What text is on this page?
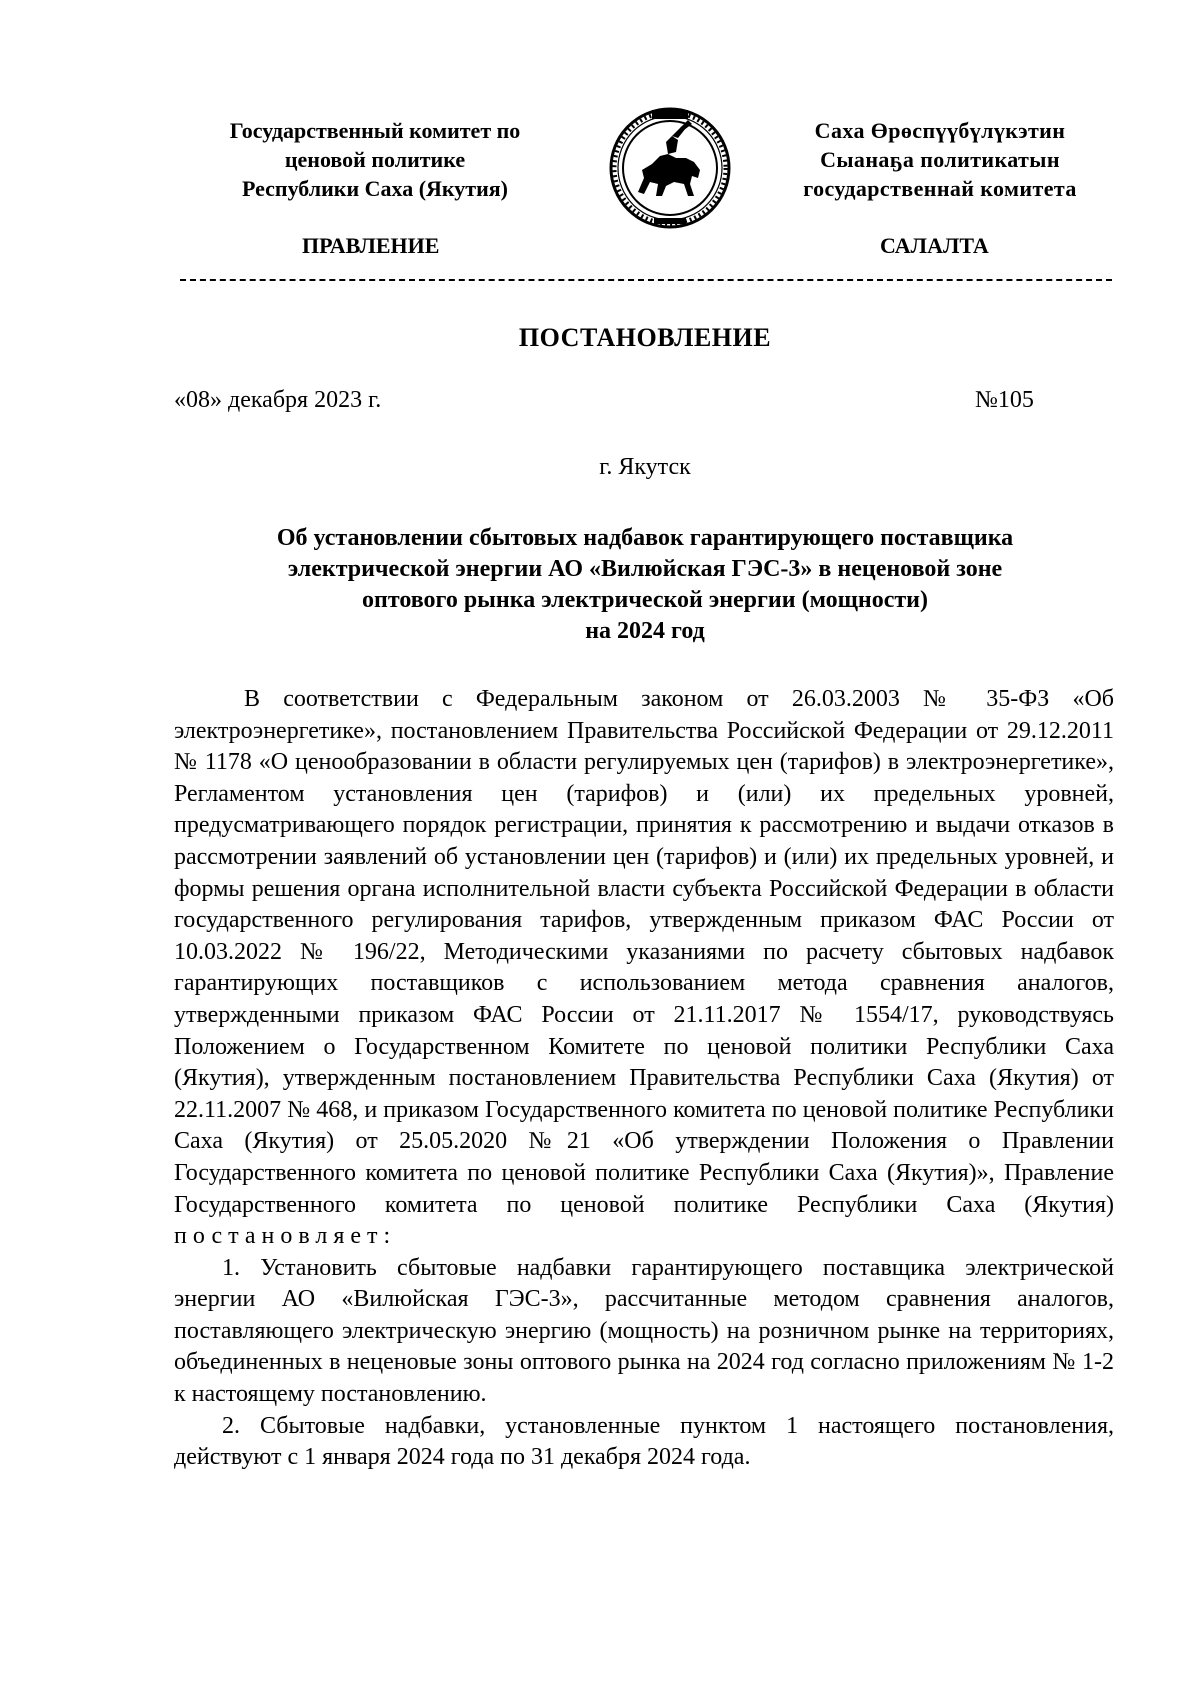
Государственный комитет по
ценовой политике
Республики Саха (Якутия)
Саха Өрөспүүбүлүкэтин
Сыанаҕа политикатын
государственнай комитета
ПРАВЛЕНИЕ	САЛАЛТА
ПОСТАНОВЛЕНИЕ
«08» декабря 2023 г.	№105
г. Якутск
Об установлении сбытовых надбавок гарантирующего поставщика
электрической энергии АО «Вилюйская ГЭС-3» в неценовой зоне
оптового рынка электрической энергии (мощности)
на 2024 год

В соответствии с Федеральным законом от 26.03.2003 № 35-ФЗ «Об электроэнергетике», постановлением Правительства Российской Федерации от 29.12.2011 № 1178 «О ценообразовании в области регулируемых цен (тарифов) в электроэнергетике», Регламентом установления цен (тарифов) и (или) их предельных уровней, предусматривающего порядок регистрации, принятия к рассмотрению и выдачи отказов в рассмотрении заявлений об установлении цен (тарифов) и (или) их предельных уровней, и формы решения органа исполнительной власти субъекта Российской Федерации в области государственного регулирования тарифов, утвержденным приказом ФАС России от 10.03.2022 № 196/22, Методическими указаниями по расчету сбытовых надбавок гарантирующих поставщиков с использованием метода сравнения аналогов, утвержденными приказом ФАС России от 21.11.2017 № 1554/17, руководствуясь Положением о Государственном Комитете по ценовой политики Республики Саха (Якутия), утвержденным постановлением Правительства Республики Саха (Якутия) от 22.11.2007 № 468, и приказом Государственного комитета по ценовой политике Республики Саха (Якутия) от 25.05.2020 №21 «Об утверждении Положения о Правлении Государственного комитета по ценовой политике Республики Саха (Якутия)», Правление Государственного комитета по ценовой политике Республики Саха (Якутия) постановляет:

1. Установить сбытовые надбавки гарантирующего поставщика электрической энергии АО «Вилюйская ГЭС-3», рассчитанные методом сравнения аналогов, поставляющего электрическую энергию (мощность) на розничном рынке на территориях, объединенных в неценовые зоны оптового рынка на 2024 год согласно приложениям № 1-2 к настоящему постановлению.

2. Сбытовые надбавки, установленные пунктом 1 настоящего постановления, действуют с 1 января 2024 года по 31 декабря 2024 года.
